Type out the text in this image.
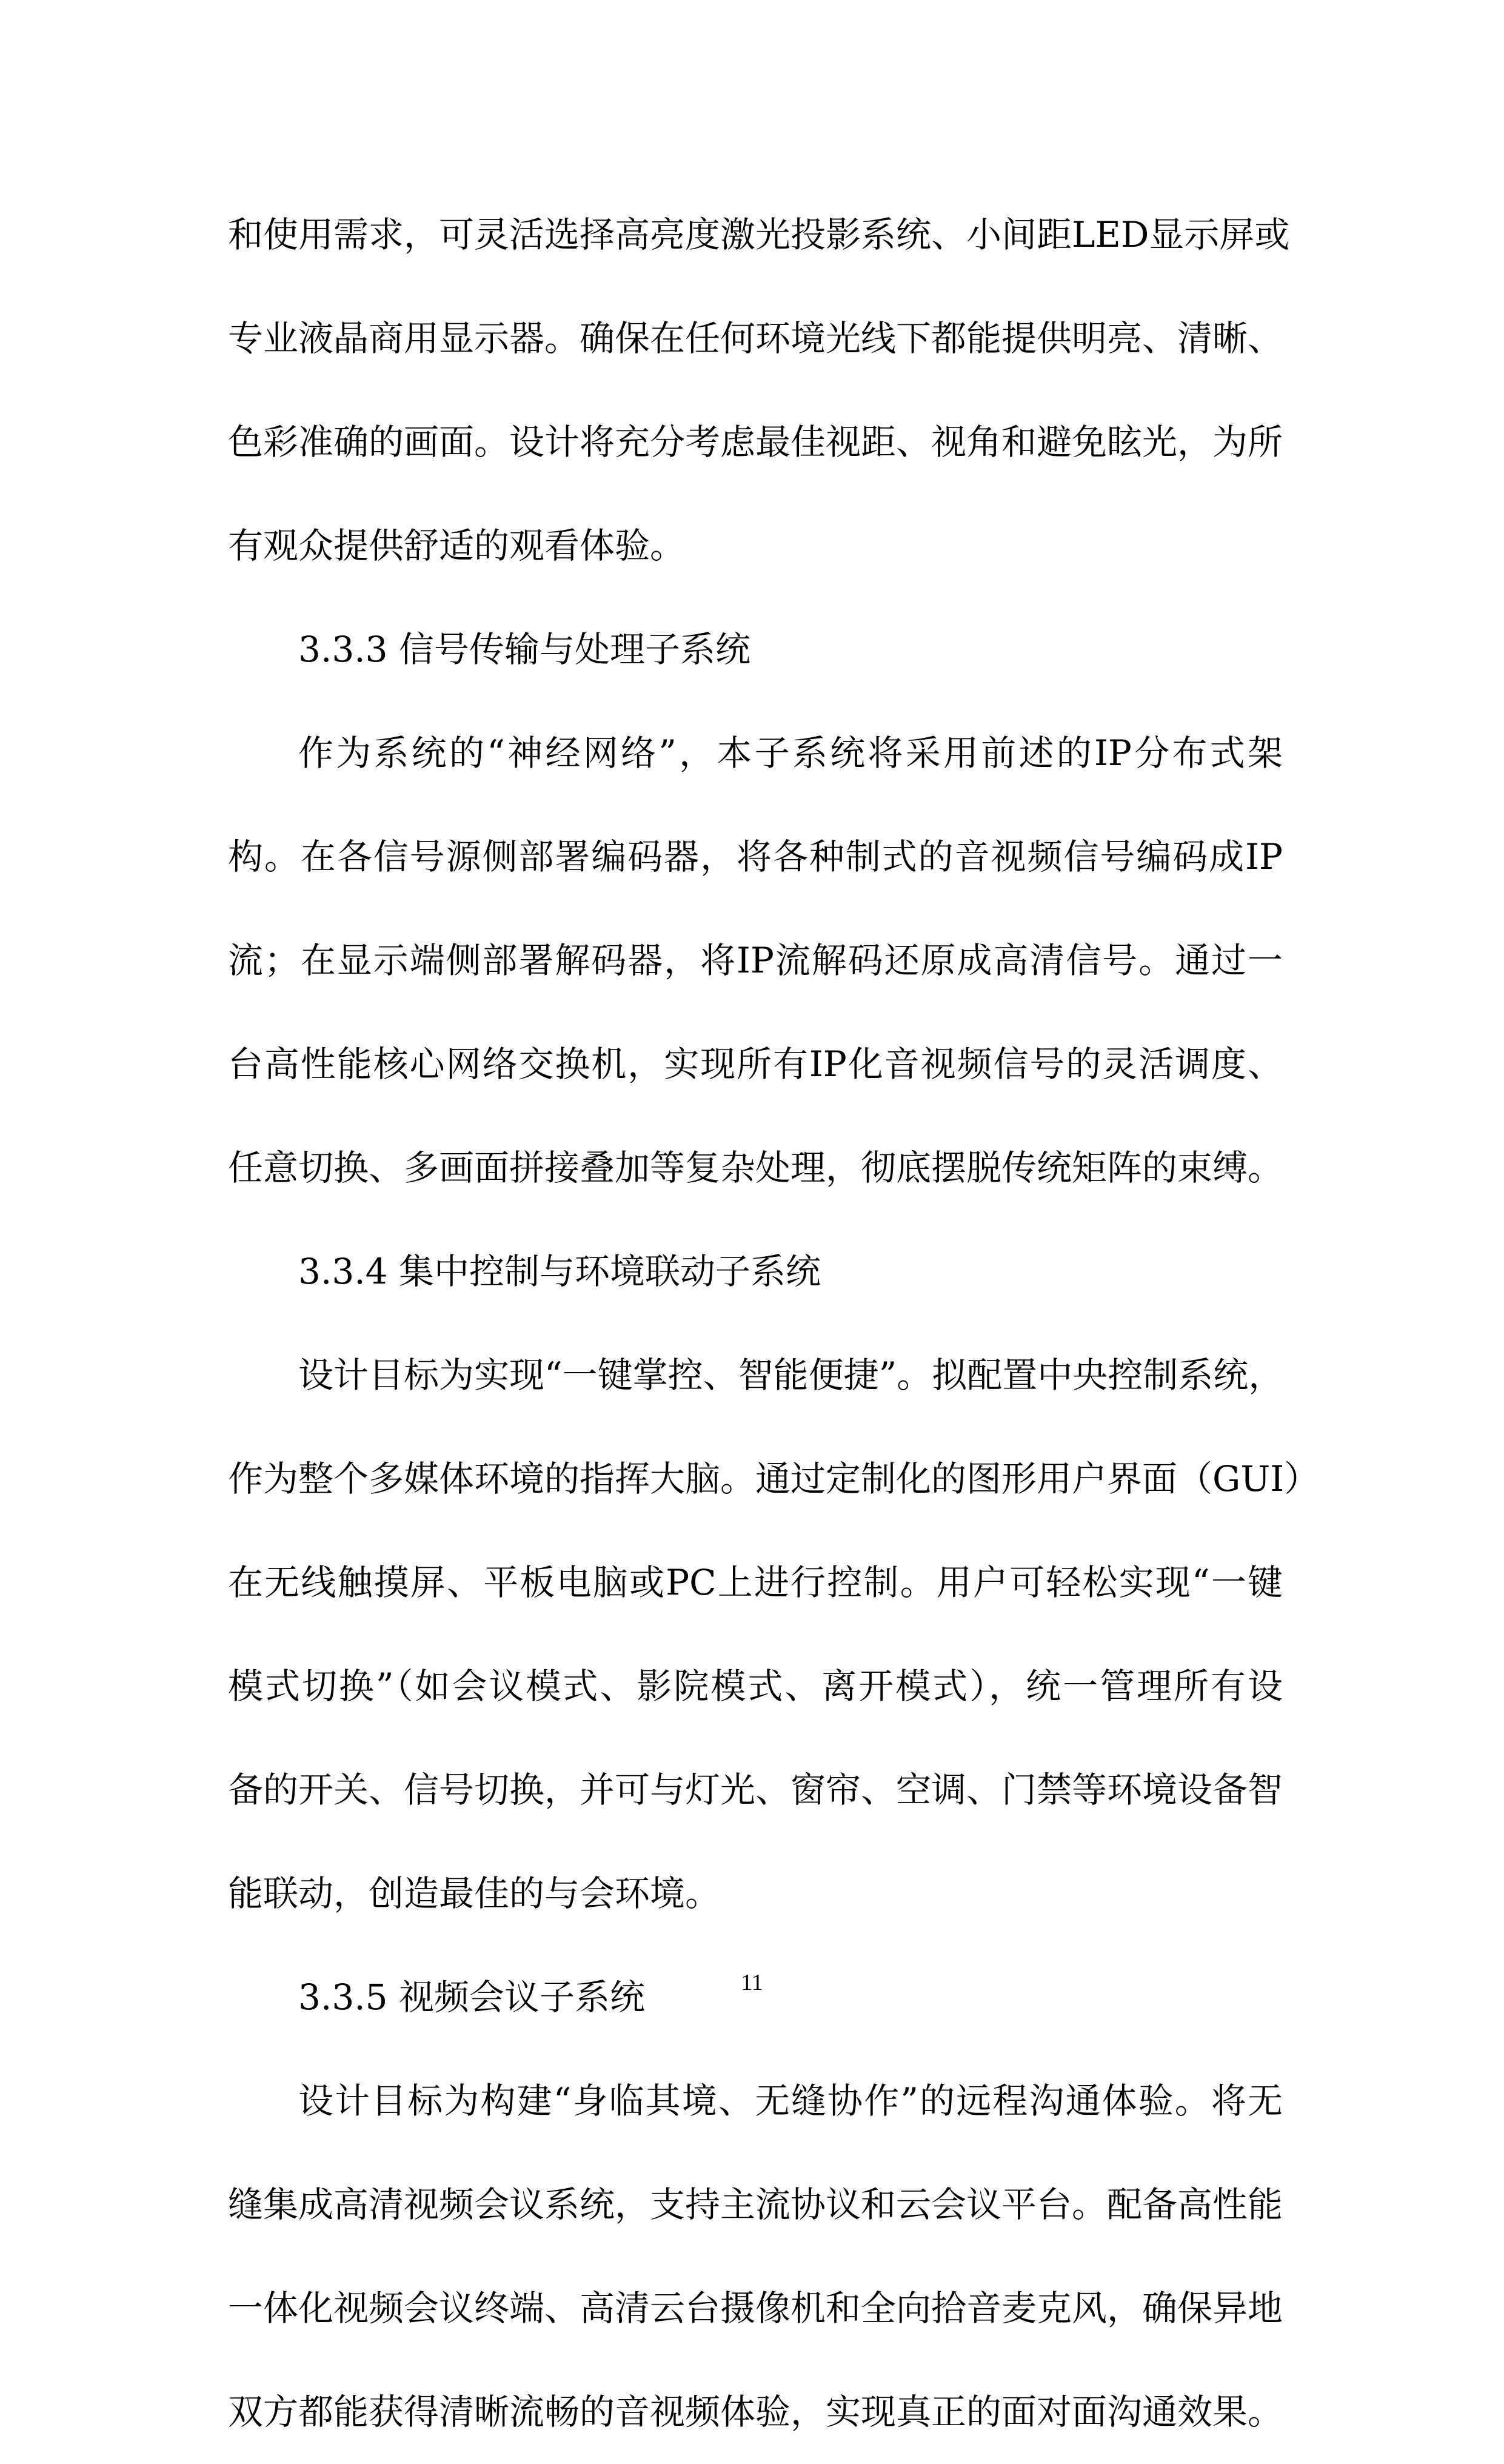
和使用需求，可灵活选择高亮度激光投影系统、小间距LED显示屏或
专业液晶商用显示器。确保在任何环境光线下都能提供明亮、清晰、
色彩准确的画面。设计将充分考虑最佳视距、视角和避免眩光，为所
有观众提供舒适的观看体验。
3.3.3 信号传输与处理子系统
作为系统的“神经网络”，本子系统将采用前述的IP分布式架
构。在各信号源侧部署编码器，将各种制式的音视频信号编码成IP
流；在显示端侧部署解码器，将IP流解码还原成高清信号。通过一
台高性能核心网络交换机，实现所有IP化音视频信号的灵活调度、
任意切换、多画面拼接叠加等复杂处理，彻底摆脱传统矩阵的束缚。
3.3.4 集中控制与环境联动子系统
设计目标为实现“一键掌控、智能便捷”。拟配置中央控制系统，
作为整个多媒体环境的指挥大脑。通过定制化的图形用户界面（GUI）
在无线触摸屏、平板电脑或PC上进行控制。用户可轻松实现“一键
模式切换”（如会议模式、影院模式、离开模式），统一管理所有设
备的开关、信号切换，并可与灯光、窗帘、空调、门禁等环境设备智
能联动，创造最佳的与会环境。
3.3.5 视频会议子系统
设计目标为构建“身临其境、无缝协作”的远程沟通体验。将无
缝集成高清视频会议系统，支持主流协议和云会议平台。配备高性能
一体化视频会议终端、高清云台摄像机和全向拾音麦克风，确保异地
双方都能获得清晰流畅的音视频体验，实现真正的面对面沟通效果。
11
